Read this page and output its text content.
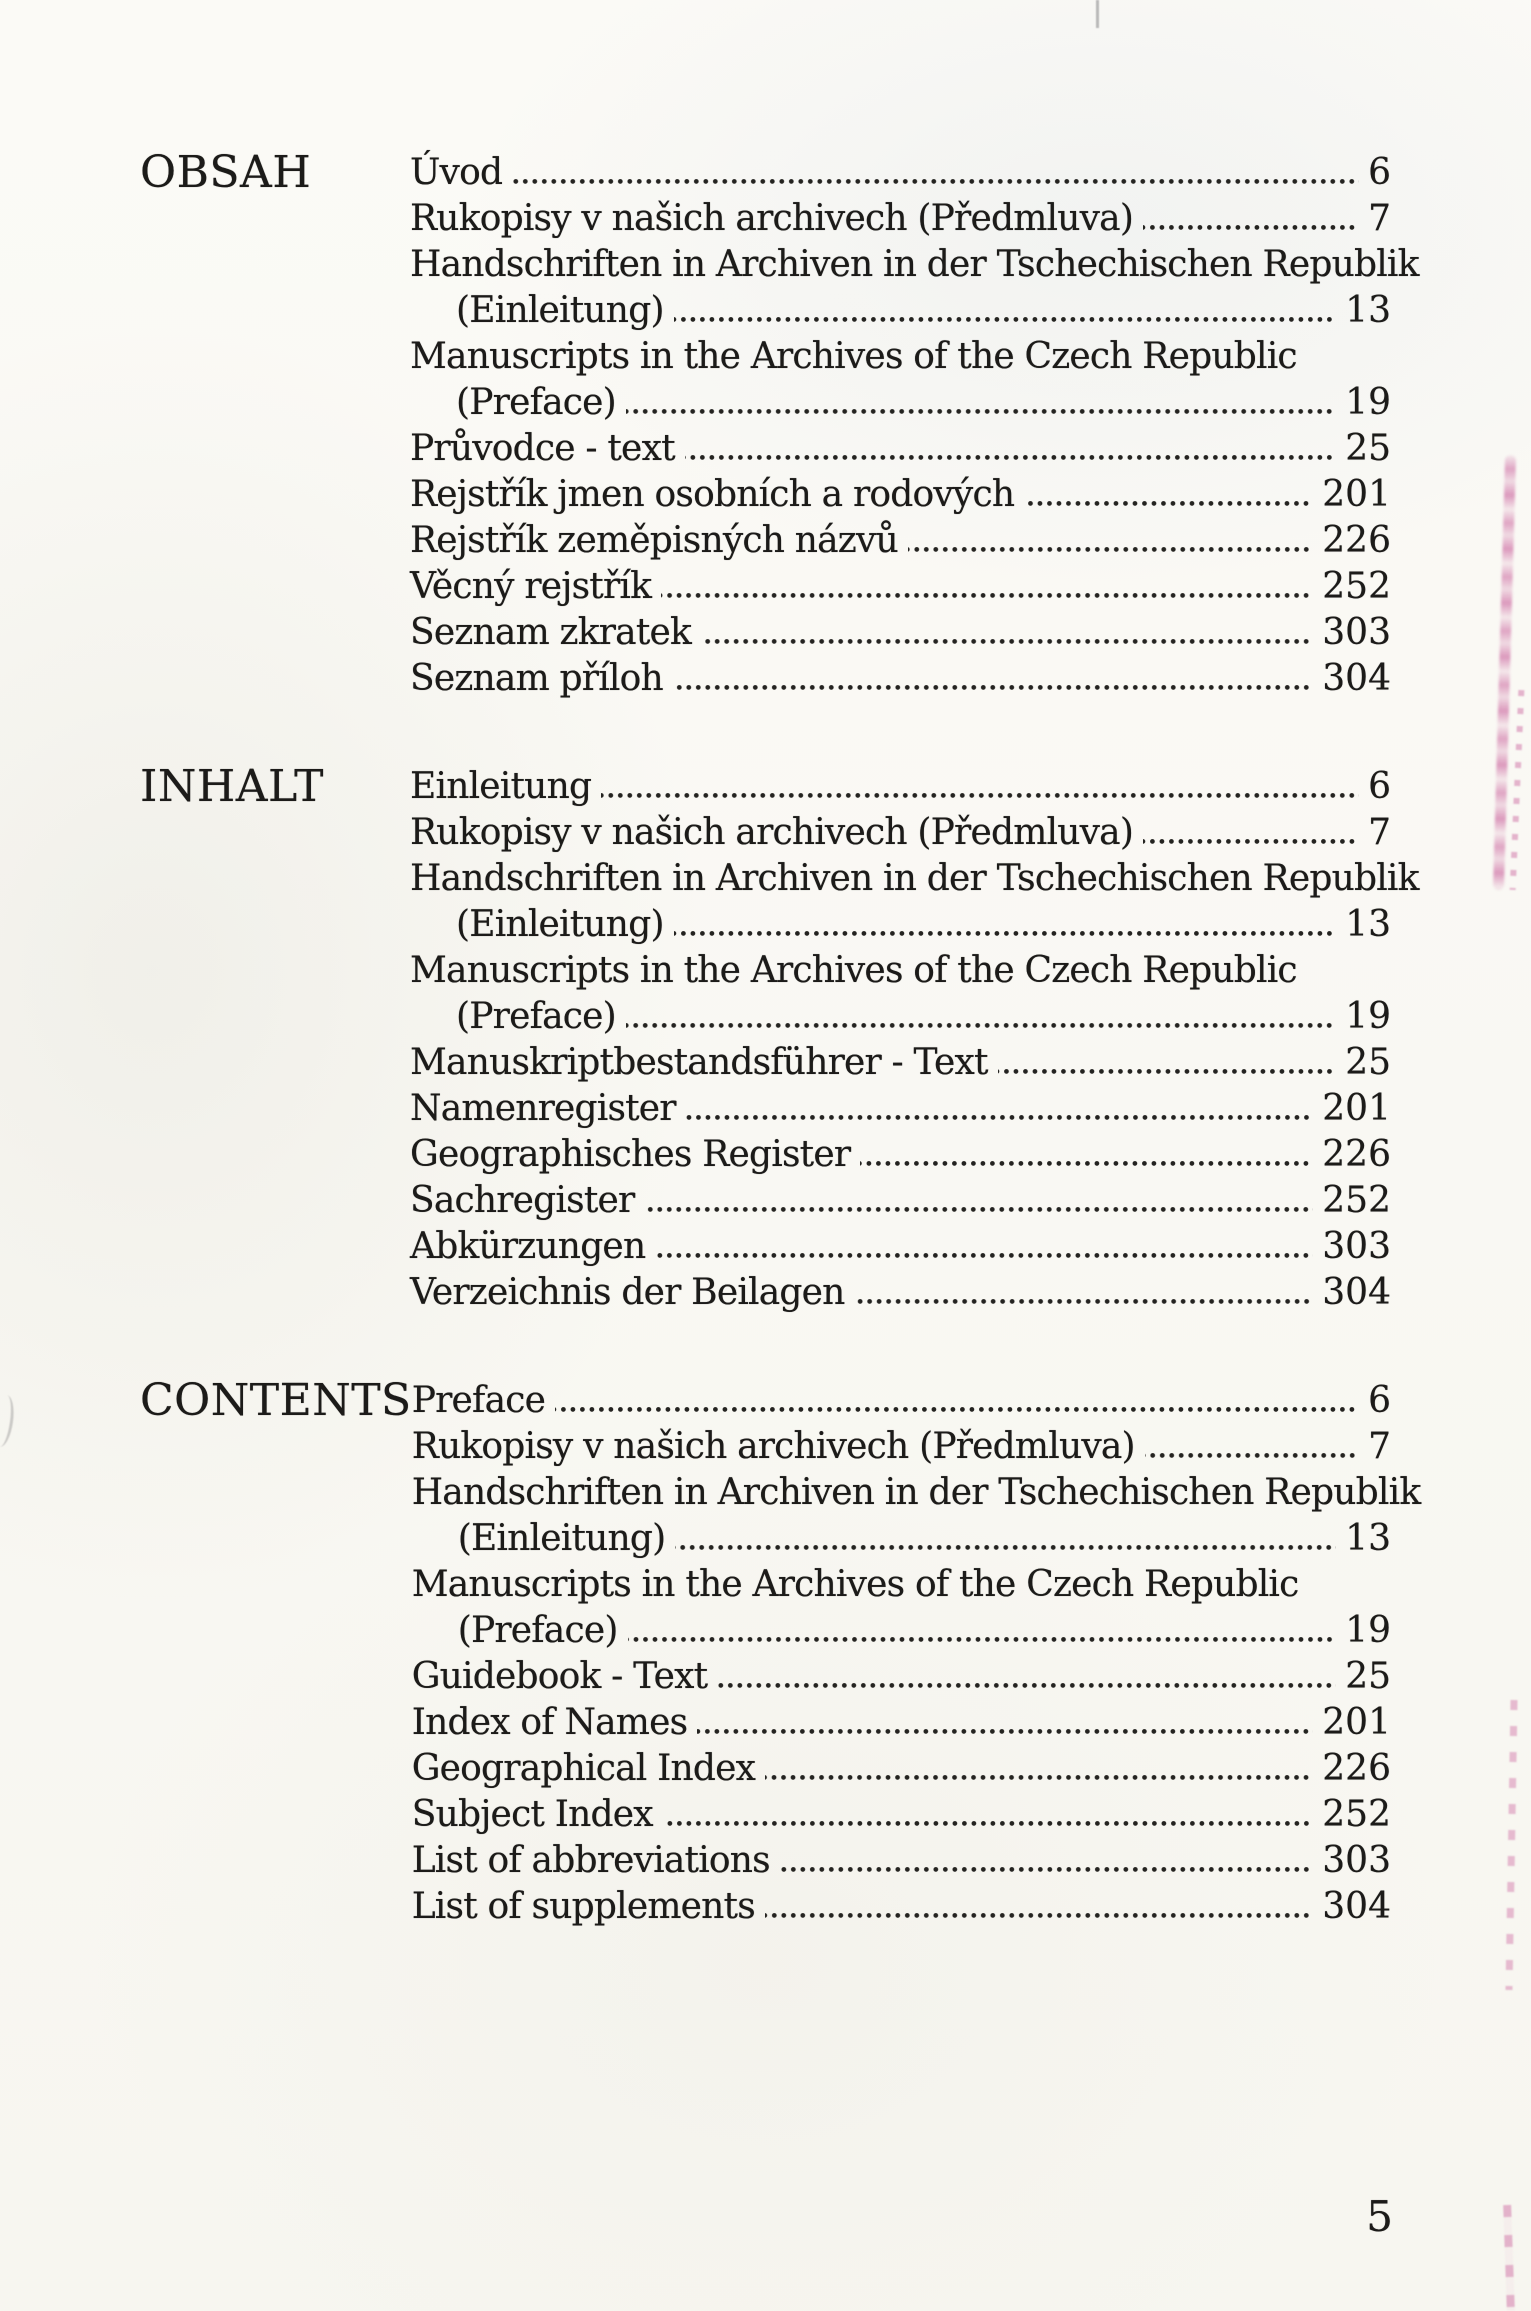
OBSAH	Úvod	6
Rukopisy v našich archivech (Předmluva)	7
Handschriften in Archiven in der Tschechischen Republik
(Einleitung)	13
Manuscripts in the Archives of the Czech Republic
(Preface)	19
Průvodce - text	25
Rejstřík jmen osobních a rodových	201
Rejstřík zeměpisných názvů	226
Věcný rejstřík	252
Seznam zkratek	303
Seznam příloh	304
INHALT	Einleitung	6
Rukopisy v našich archivech (Předmluva)	7
Handschriften in Archiven in der Tschechischen Republik
(Einleitung)	13
Manuscripts in the Archives of the Czech Republic
(Preface)	19
Manuskriptbestandsführer - Text	25
Namenregister	201
Geographisches Register	226
Sachregister	252
Abkürzungen	303
Verzeichnis der Beilagen	304
CONTENTS Preface	6
Rukopisy v našich archivech (Předmluva)	7
Handschriften in Archiven in der Tschechischen Republik
(Einleitung)	13
Manuscripts in the Archives of the Czech Republic
(Preface)	19
Guidebook - Text	25
Index of Names	201
Geographical Index	226
Subject Index	252
List of abbreviations	303
List of supplements	304
5
